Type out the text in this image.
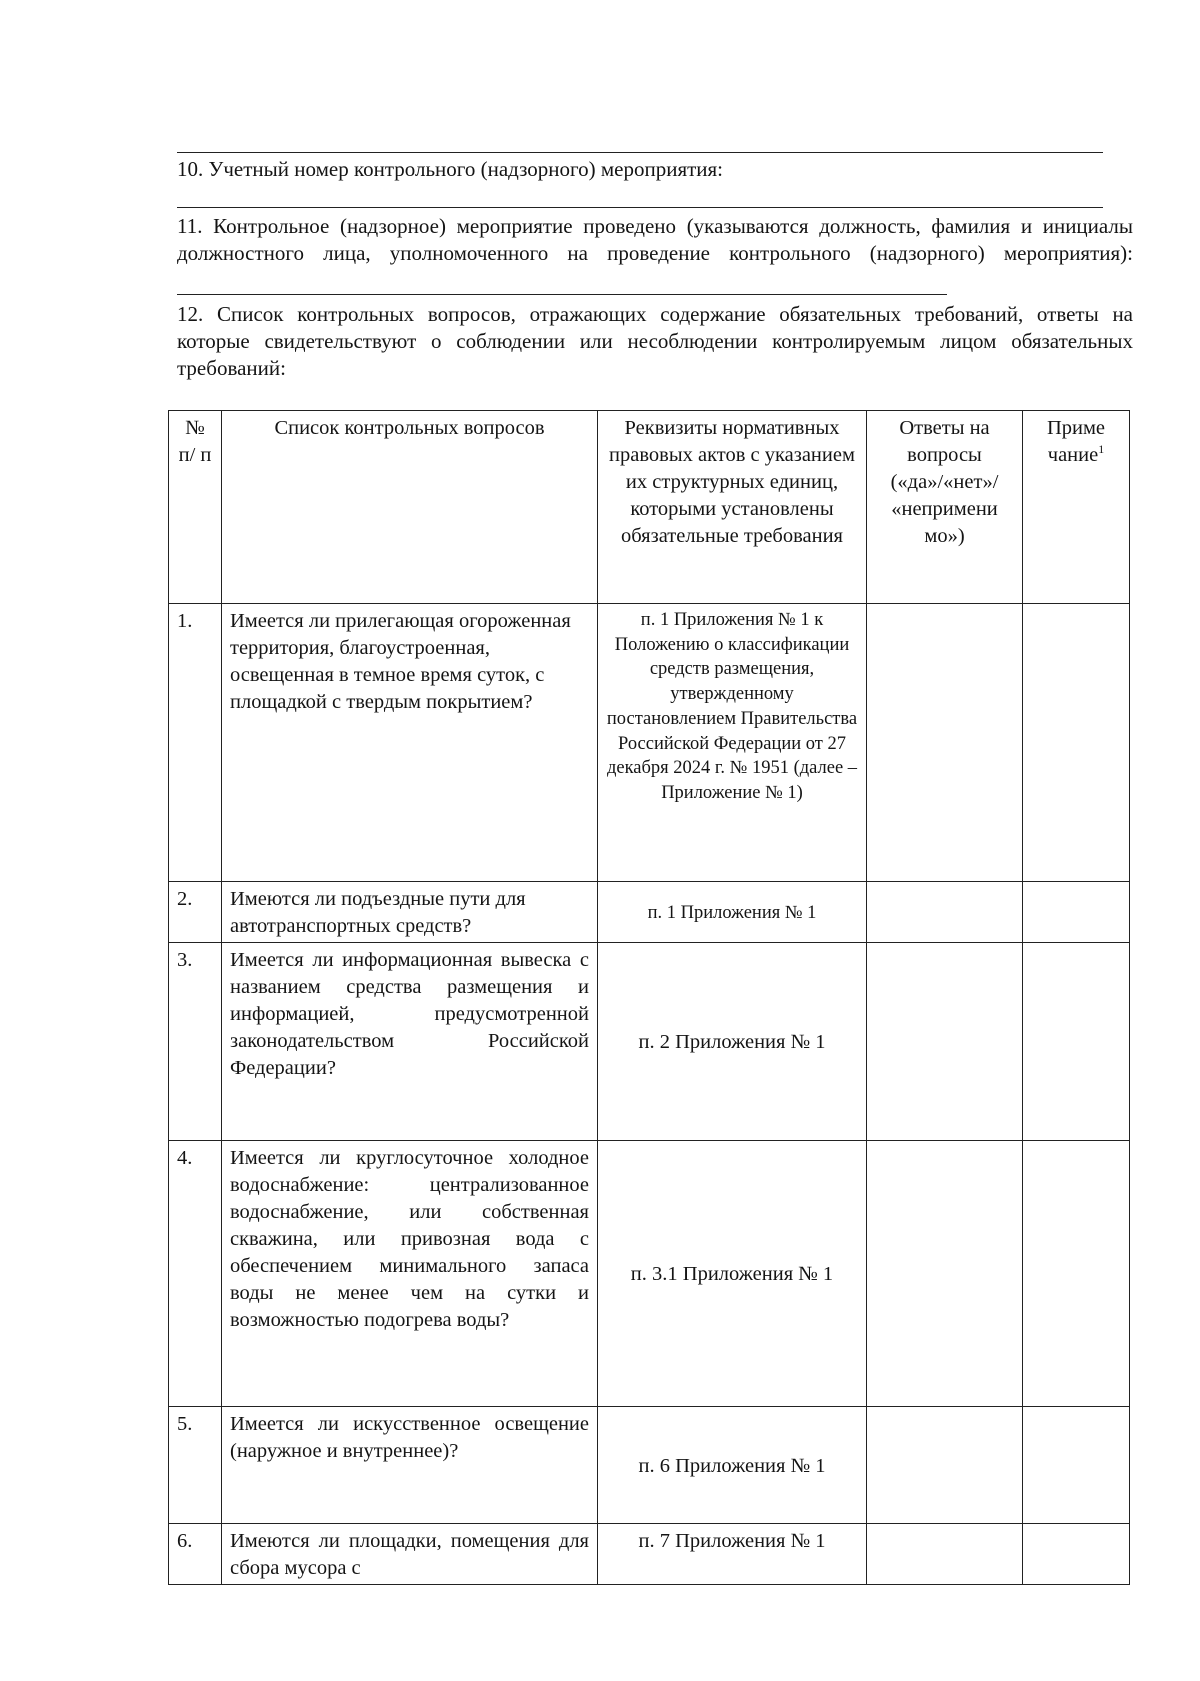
10. Учетный номер контрольного (надзорного) мероприятия:
11. Контрольное (надзорное) мероприятие проведено (указываются должность, фамилия и инициалы должностного лица, уполномоченного на проведение контрольного (надзорного) мероприятия):
12. Список контрольных вопросов, отражающих содержание обязательных требований, ответы на которые свидетельствуют о соблюдении или несоблюдении контролируемым лицом обязательных требований:
№ п/ п	Список контрольных вопросов	Реквизиты нормативных правовых актов с указанием их структурных единиц, которыми установлены обязательные требования	Ответы на вопросы («да»/«нет»/ «непримени мо»)	Приме чание$^1$
1.	Имеется ли прилегающая огороженная территория, благоустроенная, освещенная в темное время суток, с площадкой с твердым покрытием?	п. 1 Приложения № 1 к Положению о классификации средств размещения, утвержденному постановлением Правительства Российской Федерации от 27 декабря 2024 г. № 1951 (далее – Приложение № 1)		
2.	Имеются ли подъездные пути для автотранспортных средств?	п. 1 Приложения № 1		
3.	Имеется ли информационная вывеска с названием средства размещения и информацией, предусмотренной законодательством Российской Федерации?	п. 2 Приложения № 1		
4.	Имеется ли круглосуточное холодное водоснабжение: централизованное водоснабжение, или собственная скважина, или привозная вода с обеспечением минимального запаса воды не менее чем на сутки и возможностью подогрева воды?	п. 3.1 Приложения № 1		
5.	Имеется ли искусственное освещение (наружное и внутреннее)?	п. 6 Приложения № 1		
6.	Имеются ли площадки, помещения для сбора мусора с	п. 7 Приложения № 1		
